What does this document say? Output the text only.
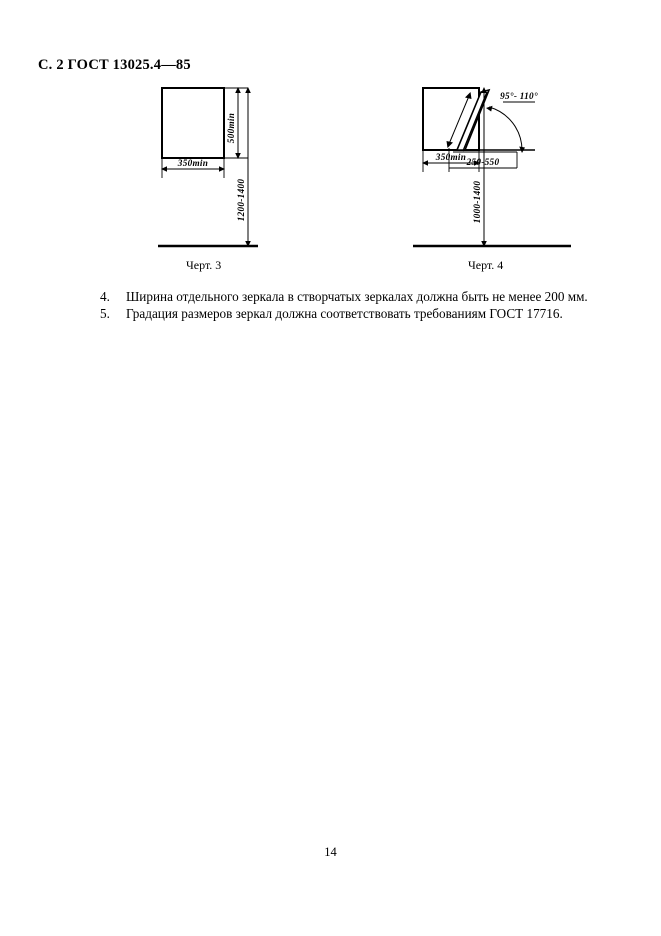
С. 2 ГОСТ 13025.4—85
500min
350min
1200-1400
350min
95°- 110°
250-550
1000-1400
Черт. 3	Черт. 4
4. Ширина отдельного зеркала в створчатых зеркалах должна быть не менее 200 мм.
5. Градация размеров зеркал должна соответствовать требованиям ГОСТ 17716.
14
